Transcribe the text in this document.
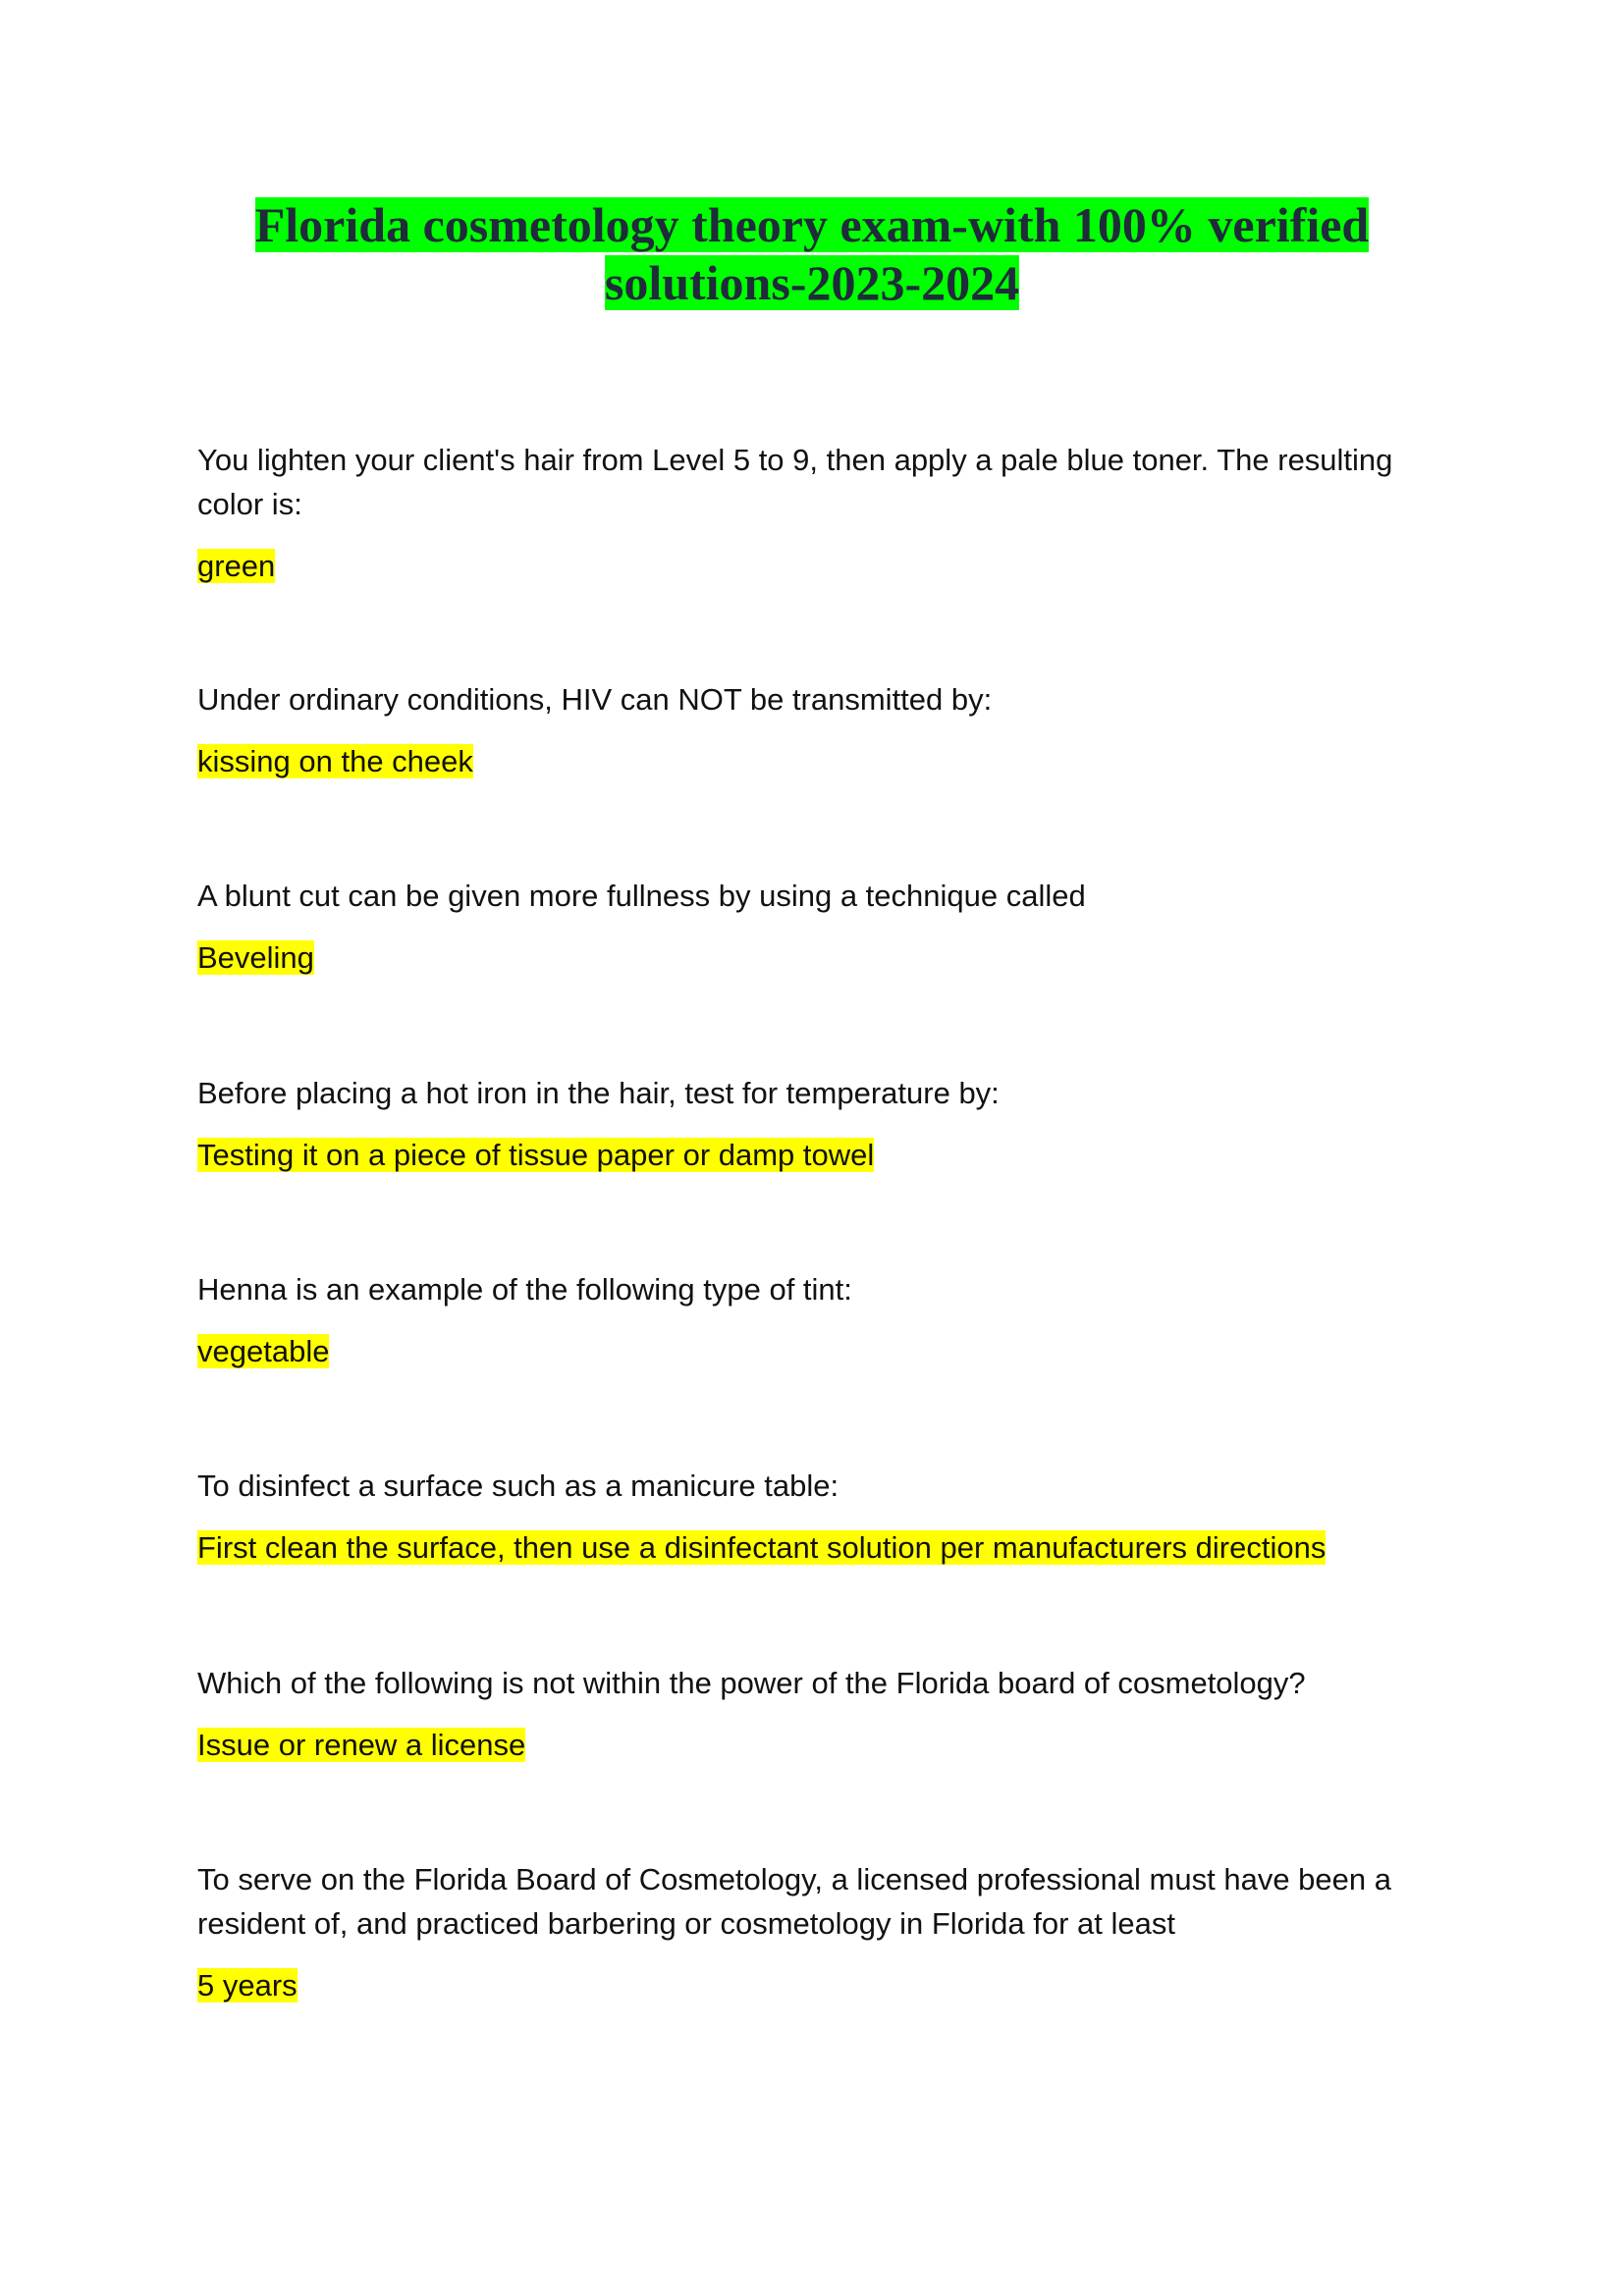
Florida cosmetology theory exam-with 100% verified solutions-2023-2024

You lighten your client's hair from Level 5 to 9, then apply a pale blue toner. The resulting color is:

green

Under ordinary conditions, HIV can NOT be transmitted by:

kissing on the cheek

A blunt cut can be given more fullness by using a technique called

Beveling

Before placing a hot iron in the hair, test for temperature by:

Testing it on a piece of tissue paper or damp towel

Henna is an example of the following type of tint:

vegetable

To disinfect a surface such as a manicure table:

First clean the surface, then use a disinfectant solution per manufacturers directions

Which of the following is not within the power of the Florida board of cosmetology?

Issue or renew a license

To serve on the Florida Board of Cosmetology, a licensed professional must have been a resident of, and practiced barbering or cosmetology in Florida for at least

5 years
